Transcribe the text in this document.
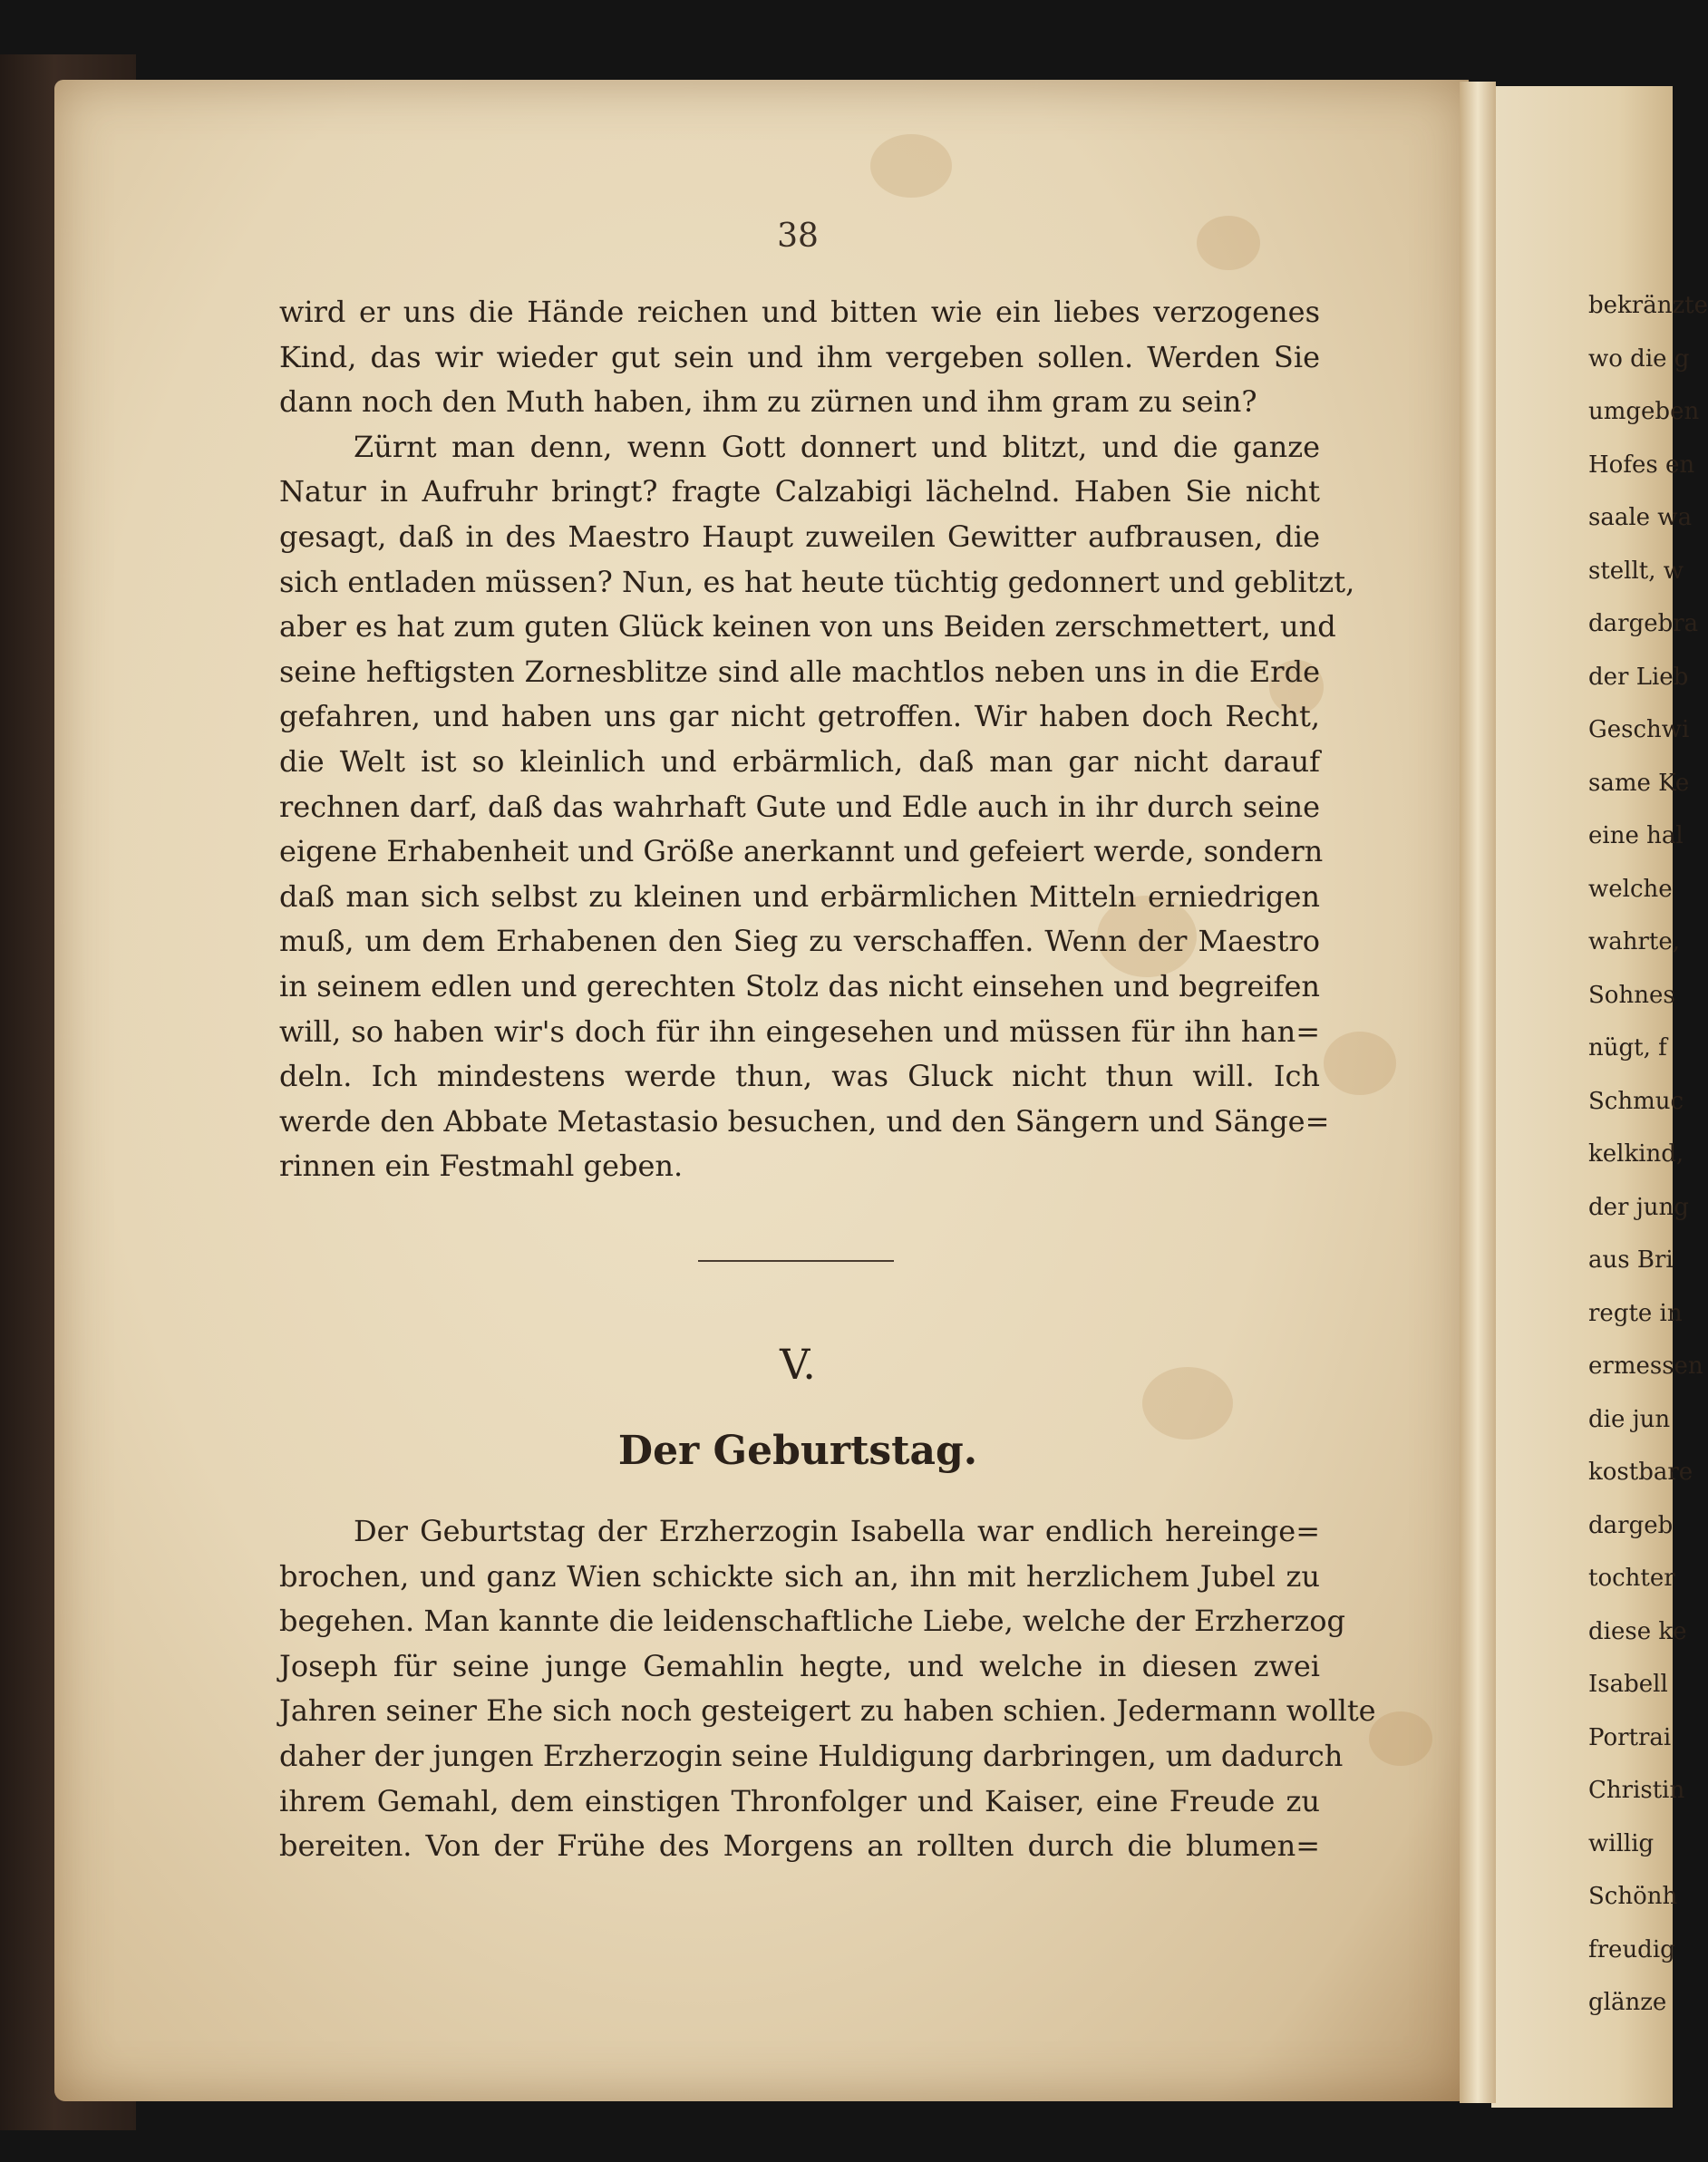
38

wird er uns die Hände reichen und bitten wie ein liebes verzogenes
Kind, das wir wieder gut sein und ihm vergeben sollen. Werden Sie
dann noch den Muth haben, ihm zu zürnen und ihm gram zu sein?

Zürnt man denn, wenn Gott donnert und blitzt, und die ganze
Natur in Aufruhr bringt? fragte Calzabigi lächelnd. Haben Sie nicht
gesagt, daß in des Maestro Haupt zuweilen Gewitter aufbrausen, die
sich entladen müssen? Nun, es hat heute tüchtig gedonnert und geblitzt,
aber es hat zum guten Glück keinen von uns Beiden zerschmettert, und
seine heftigsten Zornesblitze sind alle machtlos neben uns in die Erde
gefahren, und haben uns gar nicht getroffen. Wir haben doch Recht,
die Welt ist so kleinlich und erbärmlich, daß man gar nicht darauf
rechnen darf, daß das wahrhaft Gute und Edle auch in ihr durch seine
eigene Erhabenheit und Größe anerkannt und gefeiert werde, sondern
daß man sich selbst zu kleinen und erbärmlichen Mitteln erniedrigen
muß, um dem Erhabenen den Sieg zu verschaffen. Wenn der Maestro
in seinem edlen und gerechten Stolz das nicht einsehen und begreifen
will, so haben wir's doch für ihn eingesehen und müssen für ihn han=
deln. Ich mindestens werde thun, was Gluck nicht thun will. Ich
werde den Abbate Metastasio besuchen, und den Sängern und Sänge=
rinnen ein Festmahl geben.

V.
Der Geburtstag.

Der Geburtstag der Erzherzogin Isabella war endlich hereinge=
brochen, und ganz Wien schickte sich an, ihn mit herzlichem Jubel zu
begehen. Man kannte die leidenschaftliche Liebe, welche der Erzherzog
Joseph für seine junge Gemahlin hegte, und welche in diesen zwei
Jahren seiner Ehe sich noch gesteigert zu haben schien. Jedermann wollte
daher der jungen Erzherzogin seine Huldigung darbringen, um dadurch
ihrem Gemahl, dem einstigen Thronfolger und Kaiser, eine Freude zu
bereiten. Von der Frühe des Morgens an rollten durch die blumen=

bekränzte
wo die g
umgeben
Hofes en
saale wa
stellt, w
dargebra
der Lieb
Geschwi
same Ke
eine hal
welche
wahrte,
Sohnes
nügt, f
Schmuc
kelkind,
der jung
aus Bri
regte in
ermessen
die jun
kostbare
dargeb
tochter
diese ke
Isabell
Portrai
Christin
willig
Schönh
freudig
glänze
